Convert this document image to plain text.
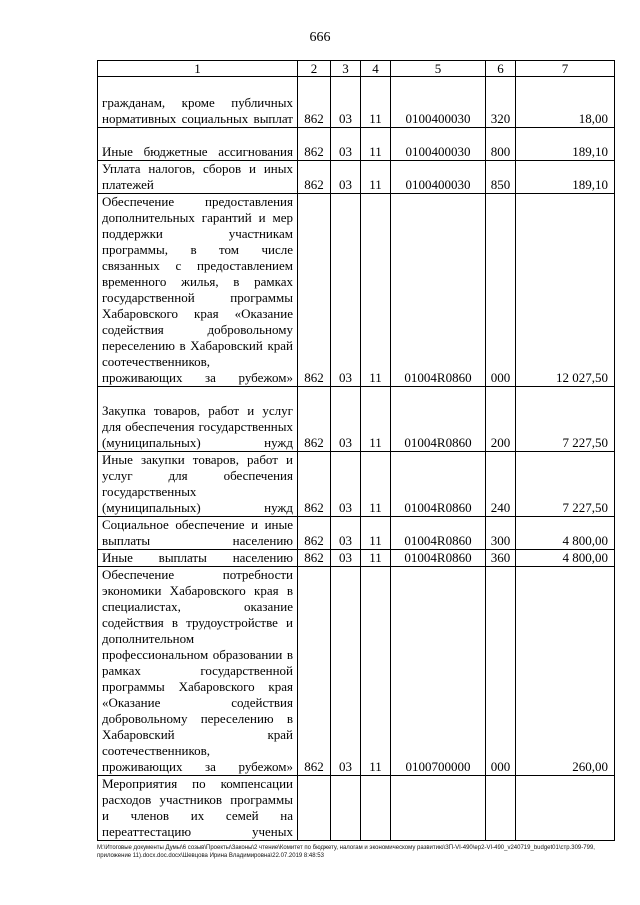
666
1	2	3	4	5	6	7
гражданам, кроме публичных нормативных социальных выплат	862	03	11	0100400030	320	18,00
Иные бюджетные ассигнования	862	03	11	0100400030	800	189,10
Уплата налогов, сборов и иных платежей	862	03	11	0100400030	850	189,10
Обеспечение предоставления дополнительных гарантий и мер поддержки участникам программы, в том числе связанных с предоставлением временного жилья, в рамках государственной программы Хабаровского края «Оказание содействия добровольному переселению в Хабаровский край соотечественников, проживающих за рубежом»	862	03	11	01004R0860	000	12 027,50
Закупка товаров, работ и услуг для обеспечения государственных (муниципальных) нужд	862	03	11	01004R0860	200	7 227,50
Иные закупки товаров, работ и услуг для обеспечения государственных (муниципальных) нужд	862	03	11	01004R0860	240	7 227,50
Социальное обеспечение и иные выплаты населению	862	03	11	01004R0860	300	4 800,00
Иные выплаты населению	862	03	11	01004R0860	360	4 800,00
Обеспечение потребности экономики Хабаровского края в специалистах, оказание содействия в трудоустройстве и дополнительном профессиональном образовании в рамках государственной программы Хабаровского края «Оказание содействия добровольному переселению в Хабаровский край соотечественников, проживающих за рубежом»	862	03	11	0100700000	000	260,00
Мероприятия по компенсации расходов участников программы и членов их семей на переаттестацию ученых						
M:\Итоговые документы Думы\6 созыв\Проекты\Законы\2 чтение\Комитет по бюджету, налогам и экономическому развитию\ЗП-VI-490\ep2-VI-490_v240719_budget01\стр.309-799, приложение 11).docx.doc.docx\Шевцова Ирина Владимировна\22.07.2019 8:48:53
